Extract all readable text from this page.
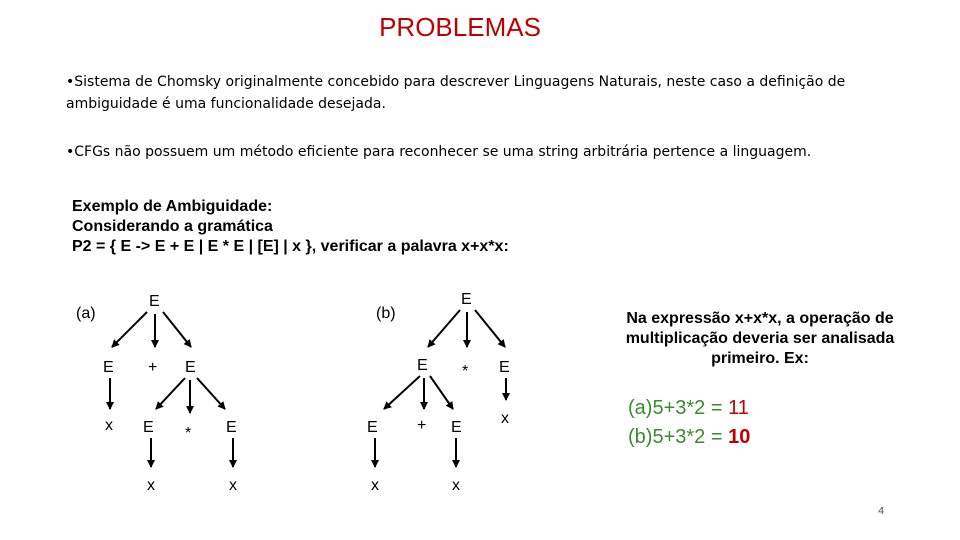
PROBLEMAS
•Sistema de Chomsky originalmente concebido para descrever Linguagens Naturais, neste caso a definição de ambiguidade é uma funcionalidade desejada.
•CFGs não possuem um método eficiente para reconhecer se uma string arbitrária pertence a linguagem.
Exemplo de Ambiguidade:
Considerando a gramática
P2 = { E -> E + E | E * E | [E] | x }, verificar a palavra x+x*x:
(a)
E
E + E
x E * E
x	x
(b)
E
E * E
E + E
x
x	x
Na expressão x+x*x, a operação de multiplicação deveria ser analisada primeiro. Ex:
(a)5+3*2 = 11
(b)5+3*2 = 10
4
